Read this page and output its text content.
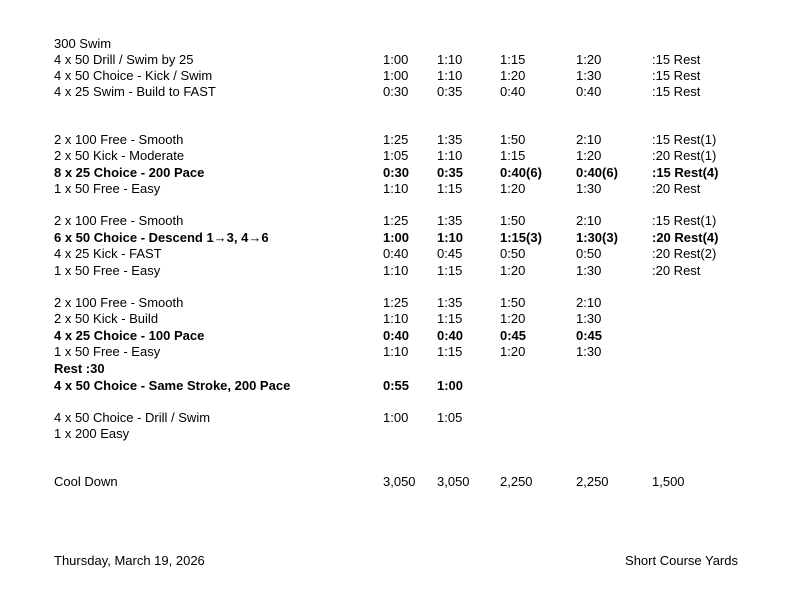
300 Swim
4 x 50 Drill / Swim by 25	1:00 1:10	1:15	1:20	:15 Rest
4 x 50 Choice - Kick / Swim	1:00 1:10	1:20	1:30	:15 Rest
4 x 25 Swim - Build to FAST	0:30 0:35	0:40	0:40	:15 Rest
2 x 100 Free - Smooth	1:25 1:35	1:50	2:10	:15 Rest(1)
2 x 50 Kick - Moderate	1:05 1:10	1:15	1:20	:20 Rest(1)
8 x 25 Choice - 200 Pace	0:30 0:35	0:40(6)	0:40(6)	:15 Rest(4)
1 x 50 Free - Easy	1:10 1:15	1:20	1:30	:20 Rest
2 x 100 Free - Smooth	1:25 1:35	1:50	2:10	:15 Rest(1)
6 x 50 Choice - Descend 1→3, 4→6	1:00 1:10	1:15(3)	1:30(3)	:20 Rest(4)
4 x 25 Kick - FAST	0:40 0:45	0:50	0:50	:20 Rest(2)
1 x 50 Free - Easy	1:10 1:15	1:20	1:30	:20 Rest
2 x 100 Free - Smooth	1:25 1:35	1:50	2:10
2 x 50 Kick - Build	1:10 1:15	1:20	1:30
4 x 25 Choice - 100 Pace	0:40 0:40	0:45	0:45
1 x 50 Free - Easy	1:10 1:15	1:20	1:30
Rest :30
4 x 50 Choice - Same Stroke, 200 Pace	0:55 1:00
4 x 50 Choice - Drill / Swim	1:00 1:05
1 x 200 Easy
Cool Down	3,050 3,050 2,250	2,250	1,500
Thursday, March 19, 2026	Short Course Yards
